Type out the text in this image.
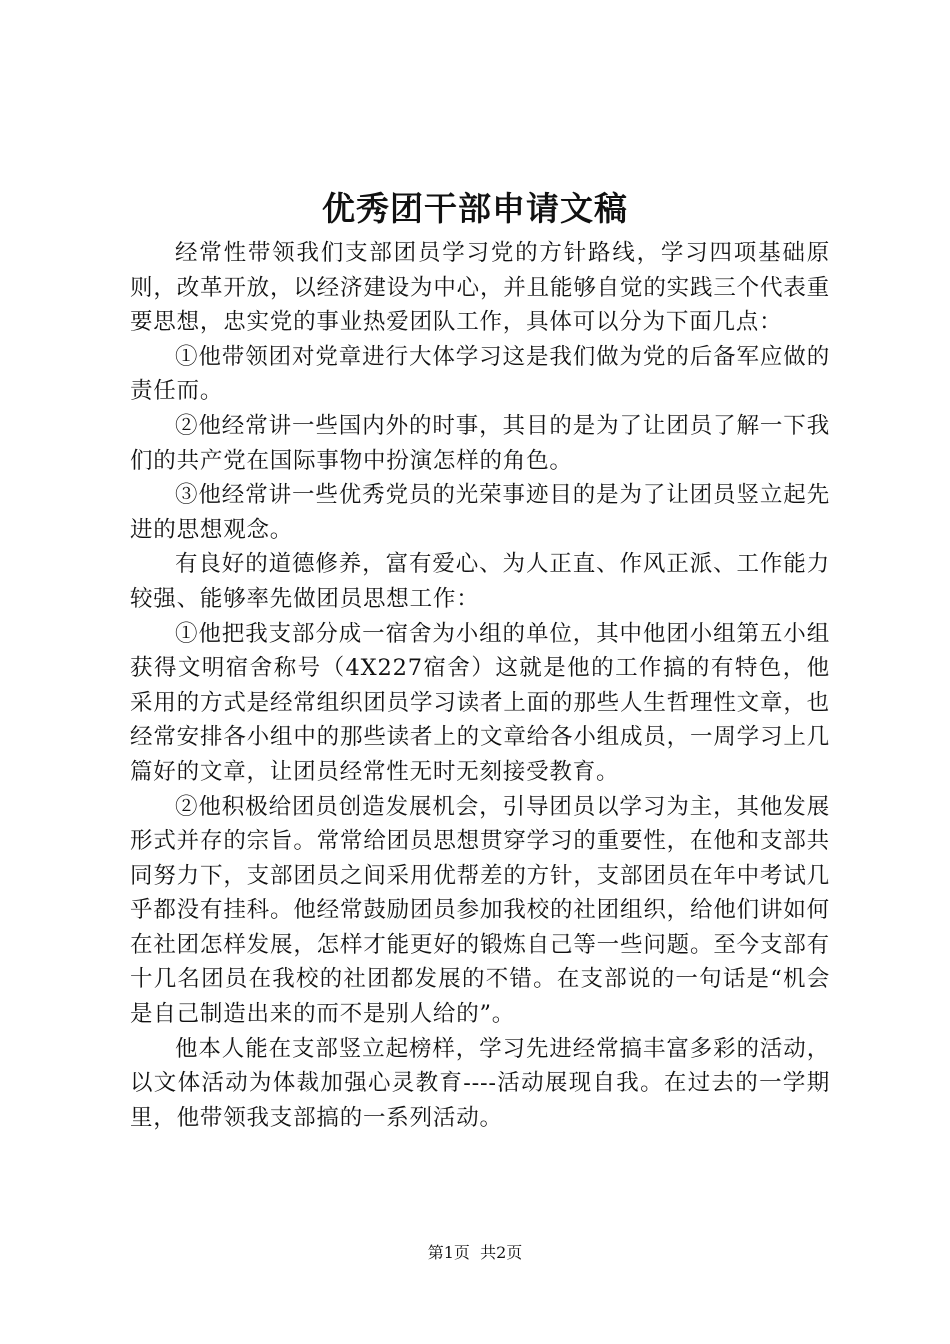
优秀团干部申请文稿

经常性带领我们支部团员学习党的方针路线，学习四项基础原则，改革开放，以经济建设为中心，并且能够自觉的实践三个代表重要思想，忠实党的事业热爱团队工作，具体可以分为下面几点：

①他带领团对党章进行大体学习这是我们做为党的后备军应做的责任而。

②他经常讲一些国内外的时事，其目的是为了让团员了解一下我们的共产党在国际事物中扮演怎样的角色。

③他经常讲一些优秀党员的光荣事迹目的是为了让团员竖立起先进的思想观念。

有良好的道德修养，富有爱心、为人正直、作风正派、工作能力较强、能够率先做团员思想工作：

①他把我支部分成一宿舍为小组的单位，其中他团小组第五小组获得文明宿舍称号（4X227宿舍）这就是他的工作搞的有特色，他采用的方式是经常组织团员学习读者上面的那些人生哲理性文章，也经常安排各小组中的那些读者上的文章给各小组成员，一周学习上几篇好的文章，让团员经常性无时无刻接受教育。

②他积极给团员创造发展机会，引导团员以学习为主，其他发展形式并存的宗旨。常常给团员思想贯穿学习的重要性，在他和支部共同努力下，支部团员之间采用优帮差的方针，支部团员在年中考试几乎都没有挂科。他经常鼓励团员参加我校的社团组织，给他们讲如何在社团怎样发展，怎样才能更好的锻炼自己等一些问题。至今支部有十几名团员在我校的社团都发展的不错。在支部说的一句话是“机会是自己制造出来的而不是别人给的”。

他本人能在支部竖立起榜样，学习先进经常搞丰富多彩的活动，以文体活动为体裁加强心灵教育----活动展现自我。在过去的一学期里，他带领我支部搞的一系列活动。

第1页 共2页
